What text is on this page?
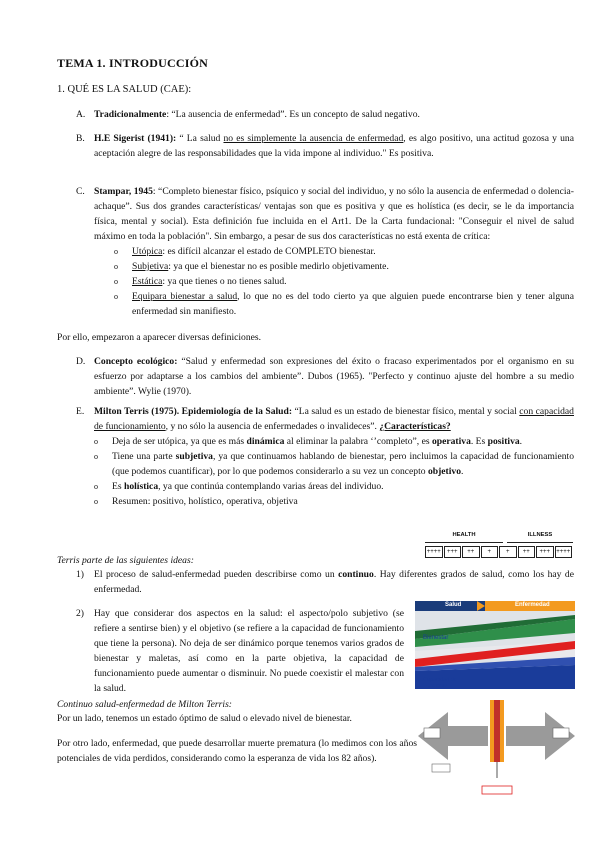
TEMA 1. INTRODUCCIÓN
1. QUÉ ES LA SALUD (CAE):
A. Tradicionalmente: “La ausencia de enfermedad”. Es un concepto de salud negativo.
B. H.E Sigerist (1941): “ La salud no es simplemente la ausencia de enfermedad, es algo positivo, una actitud gozosa y una aceptación alegre de las responsabilidades que la vida impone al individuo." Es positiva.
C. Stampar, 1945: “Completo bienestar físico, psíquico y social del individuo, y no sólo la ausencia de enfermedad o dolencia-achaque”. Sus dos grandes características/ ventajas son que es positiva y que es holística (es decir, se le da importancia física, mental y social). Esta definición fue incluida en el Art1. De la Carta fundacional: "Conseguir el nivel de salud máximo en toda la población". Sin embargo, a pesar de sus dos características no está exenta de crítica:
o Utópica: es difícil alcanzar el estado de COMPLETO bienestar.
o Subjetiva: ya que el bienestar no es posible medirlo objetivamente.
o Estática: ya que tienes o no tienes salud.
o Equipara bienestar a salud, lo que no es del todo cierto ya que alguien puede encontrarse bien y tener alguna enfermedad sin manifiesto.
Por ello, empezaron a aparecer diversas definiciones.
D. Concepto ecológico: “Salud y enfermedad son expresiones del éxito o fracaso experimentados por el organismo en su esfuerzo por adaptarse a los cambios del ambiente”. Dubos (1965). "Perfecto y continuo ajuste del hombre a su medio ambiente”. Wylie (1970).
E.	Milton Terris (1975). Epidemiología de la Salud: “La salud es un estado de bienestar físico, mental y social con capacidad de funcionamiento, y no sólo la ausencia de enfermedades o invalideces”. ¿Características?
o Deja de ser utópica, ya que es más dinámica al eliminar la palabra ‘’completo”, es operativa. Es positiva.
o Tiene una parte subjetiva, ya que continuamos hablando de bienestar, pero incluimos la capacidad de funcionamiento (que podemos cuantificar), por lo que podemos considerarlo a su vez un concepto objetivo.
o Es holística, ya que continúa contemplando varias áreas del individuo.
o Resumen: positivo, holístico, operativa, objetiva
HEALTH	ILLNESS
++++	+++	++	+	+	++	+++	++++
Terris parte de las siguientes ideas:
1)	El proceso de salud-enfermedad pueden describirse como un continuo. Hay diferentes grados de salud, como los hay de enfermedad.
2)	Hay que considerar dos aspectos en la salud: el aspecto/polo subjetivo (se refiere a sentirse bien) y el objetivo (se refiere a la capacidad de funcionamiento que tiene la persona). No deja de ser dinámico porque tenemos varios grados de bienestar y maletas, así como en la parte objetiva, la capacidad de funcionamiento puede aumentar o disminuir. No puede coexistir el malestar con la salud.
Salud	Enfermedad
Bienestar
Malestar
Capacidad de Funcionar
Continuo salud-enfermedad de Milton Terris:
Por un lado, tenemos un estado óptimo de salud o elevado nivel de bienestar.
Por otro lado, enfermedad, que puede desarrollar muerte prematura (lo medimos con los años potenciales de vida perdidos, considerando como la esperanza de vida los 82 años).
